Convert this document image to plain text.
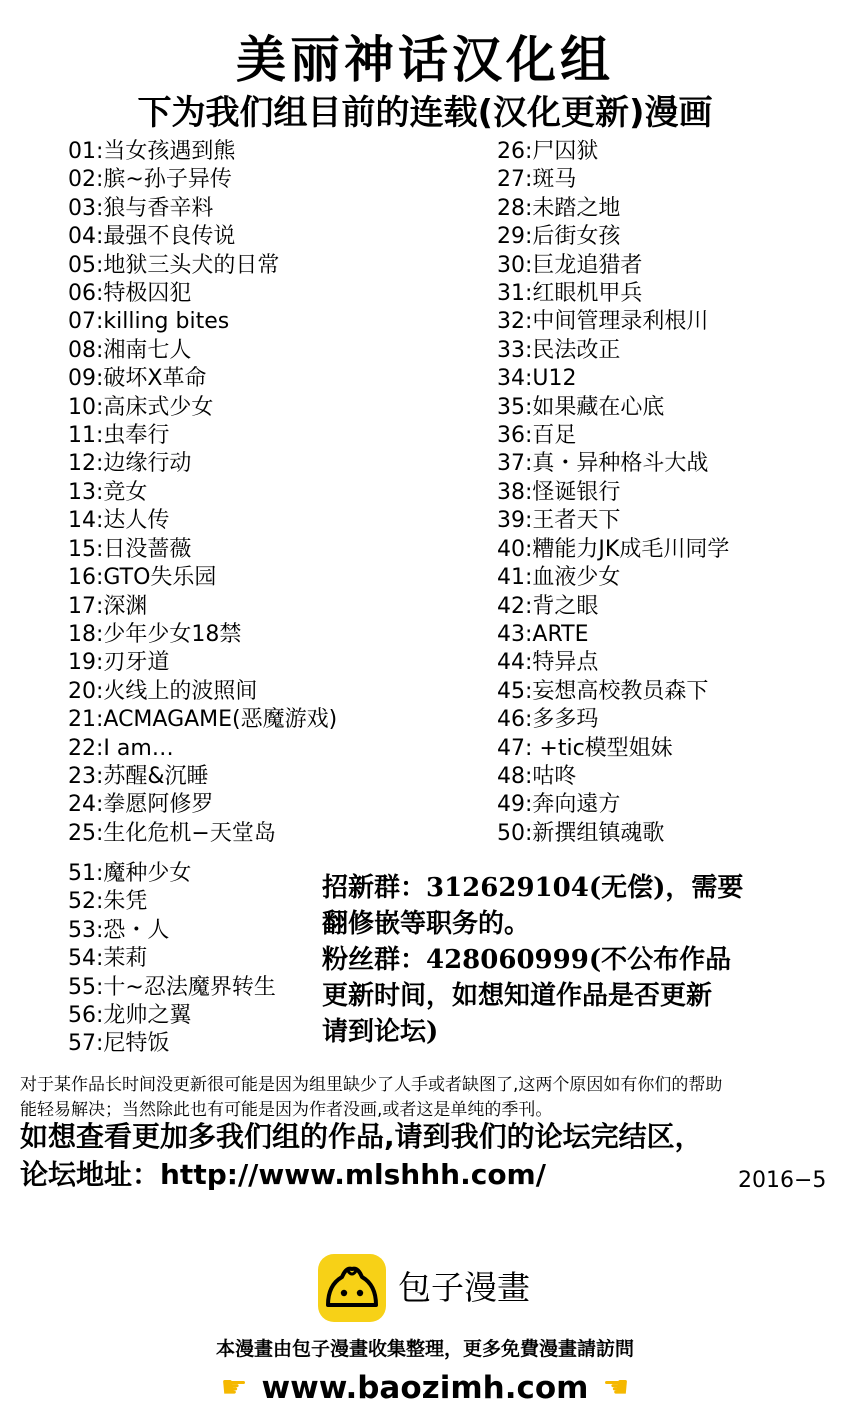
美丽神话汉化组
下为我们组目前的连载(汉化更新)漫画
01:当女孩遇到熊
02:膑~孙子异传
03:狼与香辛料
04:最强不良传说
05:地狱三头犬的日常
06:特极囚犯
07:killing bites
08:湘南七人
09:破坏X革命
10:高床式少女
11:虫奉行
12:边缘行动
13:竞女
14:达人传
15:日没蔷薇
16:GTO失乐园
17:深渊
18:少年少女18禁
19:刃牙道
20:火线上的波照间
21:ACMAGAME(恶魔游戏)
22:I am…
23:苏醒&沉睡
24:拳愿阿修罗
25:生化危机−天堂岛
26:尸囚狱
27:斑马
28:未踏之地
29:后街女孩
30:巨龙追猎者
31:红眼机甲兵
32:中间管理录利根川
33:民法改正
34:U12
35:如果藏在心底
36:百足
37:真・异种格斗大战
38:怪诞银行
39:王者天下
40:糟能力JK成毛川同学
41:血液少女
42:背之眼
43:ARTE
44:特异点
45:妄想高校教员森下
46:多多玛
47: +tic模型姐妹
48:咕咚
49:奔向遠方
50:新撰组镇魂歌
51:魔种少女
52:朱凭
53:恐・人
54:茉莉
55:十~忍法魔界转生
56:龙帅之翼
57:尼特饭

招新群：312629104(无偿)，需要

翻修嵌等职务的。

粉丝群：428060999(不公布作品

更新时间，如想知道作品是否更新

请到论坛)

对于某作品长时间没更新很可能是因为组里缺少了人手或者缺图了,这两个原因如有你们的帮助

能轻易解决；当然除此也有可能是因为作者没画,或者这是单纯的季刊。

如想查看更加多我们组的作品,请到我们的论坛完结区，

论坛地址：http://www.mlshhh.com/	2016−5
包子漫畫
本漫畫由包子漫畫收集整理，更多免費漫畫請訪問
☛ www.baozimh.com ☚
